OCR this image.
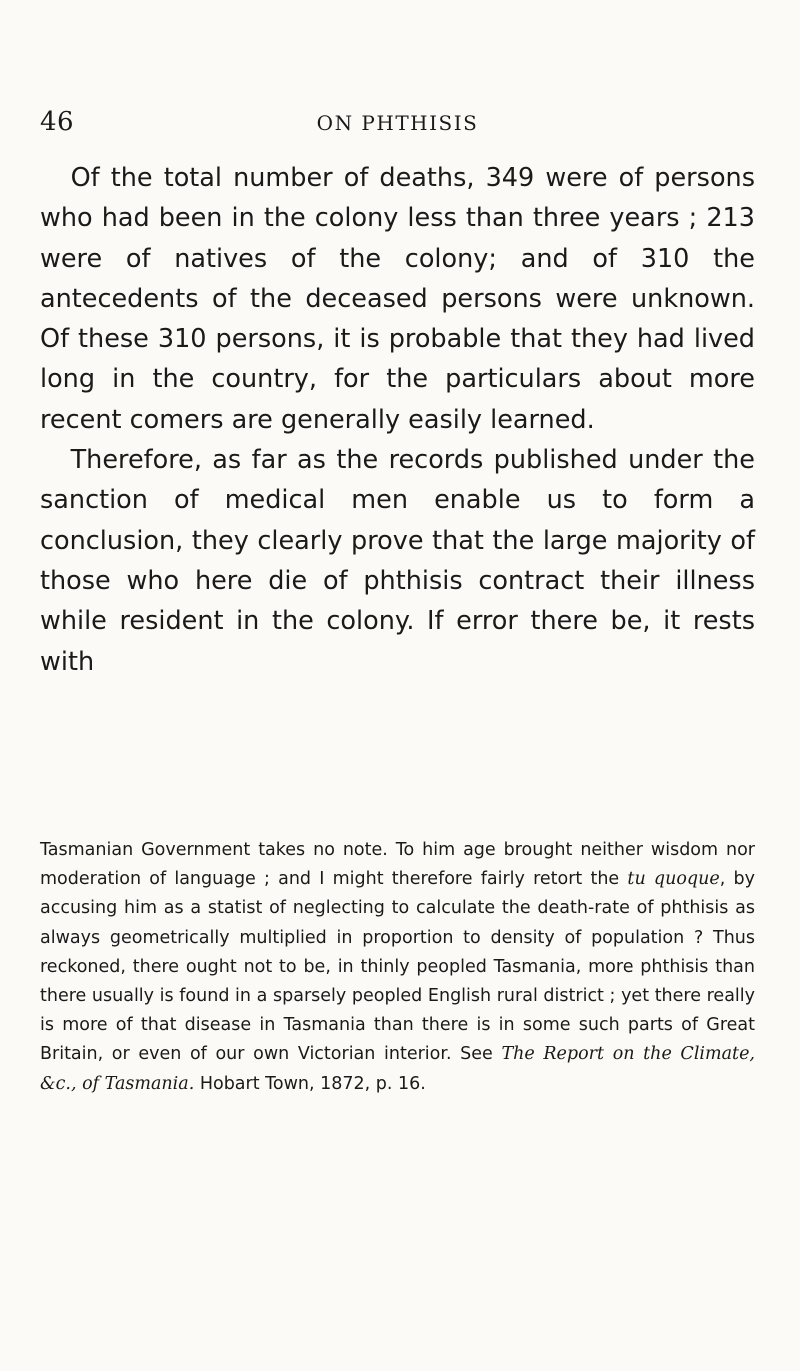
46	ON PHTHISIS

Of the total number of deaths, 349 were of persons who had been in the colony less than three years ; 213 were of natives of the colony; and of 310 the antecedents of the deceased persons were unknown. Of these 310 persons, it is probable that they had lived long in the country, for the particulars about more recent comers are generally easily learned.

Therefore, as far as the records published under the sanction of medical men enable us to form a conclusion, they clearly prove that the large majority of those who here die of phthisis contract their illness while resident in the colony. If error there be, it rests with

Tasmanian Government takes no note. To him age brought neither wisdom nor moderation of language ; and I might therefore fairly retort the tu quoque, by accusing him as a statist of neglecting to calculate the death-rate of phthisis as always geometrically multiplied in proportion to density of population ? Thus reckoned, there ought not to be, in thinly peopled Tasmania, more phthisis than there usually is found in a sparsely peopled English rural district ; yet there really is more of that disease in Tasmania than there is in some such parts of Great Britain, or even of our own Victorian interior. See The Report on the Climate, &c., of Tasmania. Hobart Town, 1872, p. 16.
